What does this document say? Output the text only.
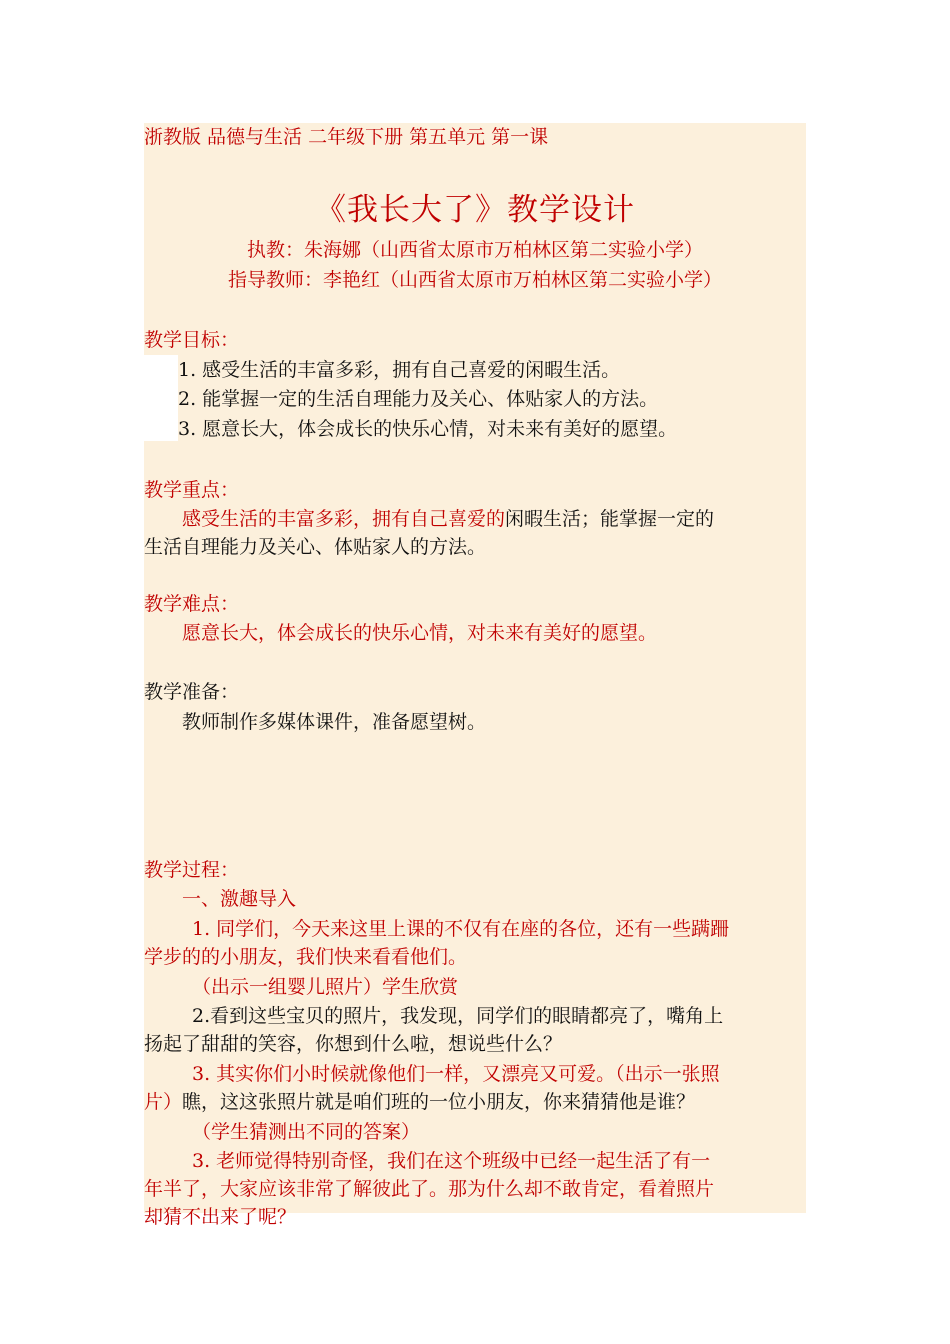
浙教版 品德与生活 二年级下册 第五单元 第一课
《我长大了》教学设计
执教：朱海娜（山西省太原市万柏林区第二实验小学）
指导教师：李艳红（山西省太原市万柏林区第二实验小学）
教学目标：
1. 感受生活的丰富多彩，拥有自己喜爱的闲暇生活。
2. 能掌握一定的生活自理能力及关心、体贴家人的方法。
3. 愿意长大，体会成长的快乐心情，对未来有美好的愿望。
教学重点：
感受生活的丰富多彩，拥有自己喜爱的闲暇生活；能掌握一定的
生活自理能力及关心、体贴家人的方法。
教学难点：
愿意长大，体会成长的快乐心情，对未来有美好的愿望。
教学准备：
教师制作多媒体课件，准备愿望树。
教学过程：
一、激趣导入
1. 同学们，今天来这里上课的不仅有在座的各位，还有一些蹒跚
学步的的小朋友，我们快来看看他们。
（出示一组婴儿照片）学生欣赏
2.看到这些宝贝的照片，我发现，同学们的眼睛都亮了，嘴角上
扬起了甜甜的笑容，你想到什么啦，想说些什么？
3. 其实你们小时候就像他们一样，又漂亮又可爱。（出示一张照
片）瞧，这这张照片就是咱们班的一位小朋友，你来猜猜他是谁？
（学生猜测出不同的答案）
3. 老师觉得特别奇怪，我们在这个班级中已经一起生活了有一
年半了，大家应该非常了解彼此了。那为什么却不敢肯定，看着照片
却猜不出来了呢？
